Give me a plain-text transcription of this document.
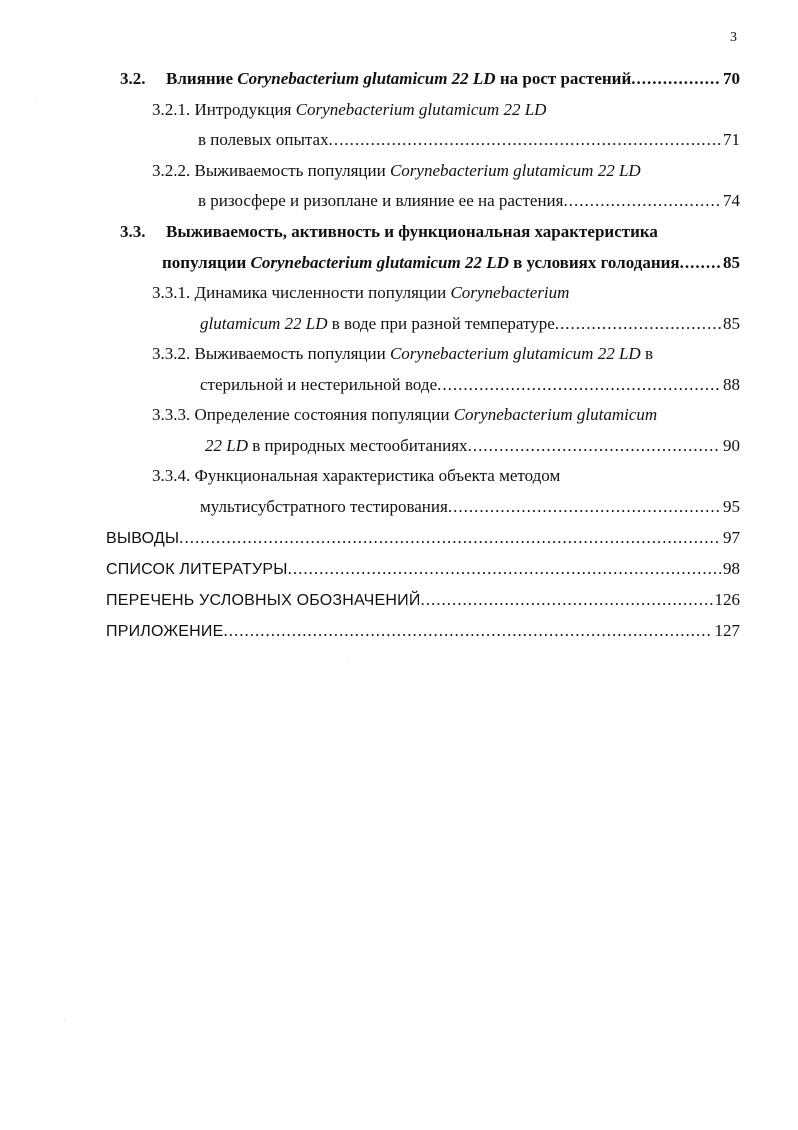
3
3.2.	Влияние Corynebacterium glutamicum 22 LD на рост растений .....	70
3.2.1. Интродукция Corynebacterium glutamicum 22 LD
в полевых опытах .....	71
3.2.2. Выживаемость популяции Corynebacterium glutamicum 22 LD
в ризосфере и ризоплане и влияние ее на растения .....	74
3.3. Выживаемость, активность и функциональная характеристика
популяции Corynebacterium glutamicum 22 LD в условиях голодания .....	85
3.3.1. Динамика численности популяции Corynebacterium
glutamicum 22 LD в воде при разной температуре .....	85
3.3.2. Выживаемость популяции Corynebacterium glutamicum 22 LD в
стерильной и нестерильной воде .....	88
3.3.3. Определение состояния популяции Corynebacterium glutamicum
22 LD в природных местообитаниях .....	90
3.3.4. Функциональная характеристика объекта методом
мультисубстратного тестирования .....	95
ВЫВОДЫ .....	97
СПИСОК ЛИТЕРАТУРЫ .....	98
ПЕРЕЧЕНЬ УСЛОВНЫХ ОБОЗНАЧЕНИЙ .....	126
ПРИЛОЖЕНИЕ .....	127
